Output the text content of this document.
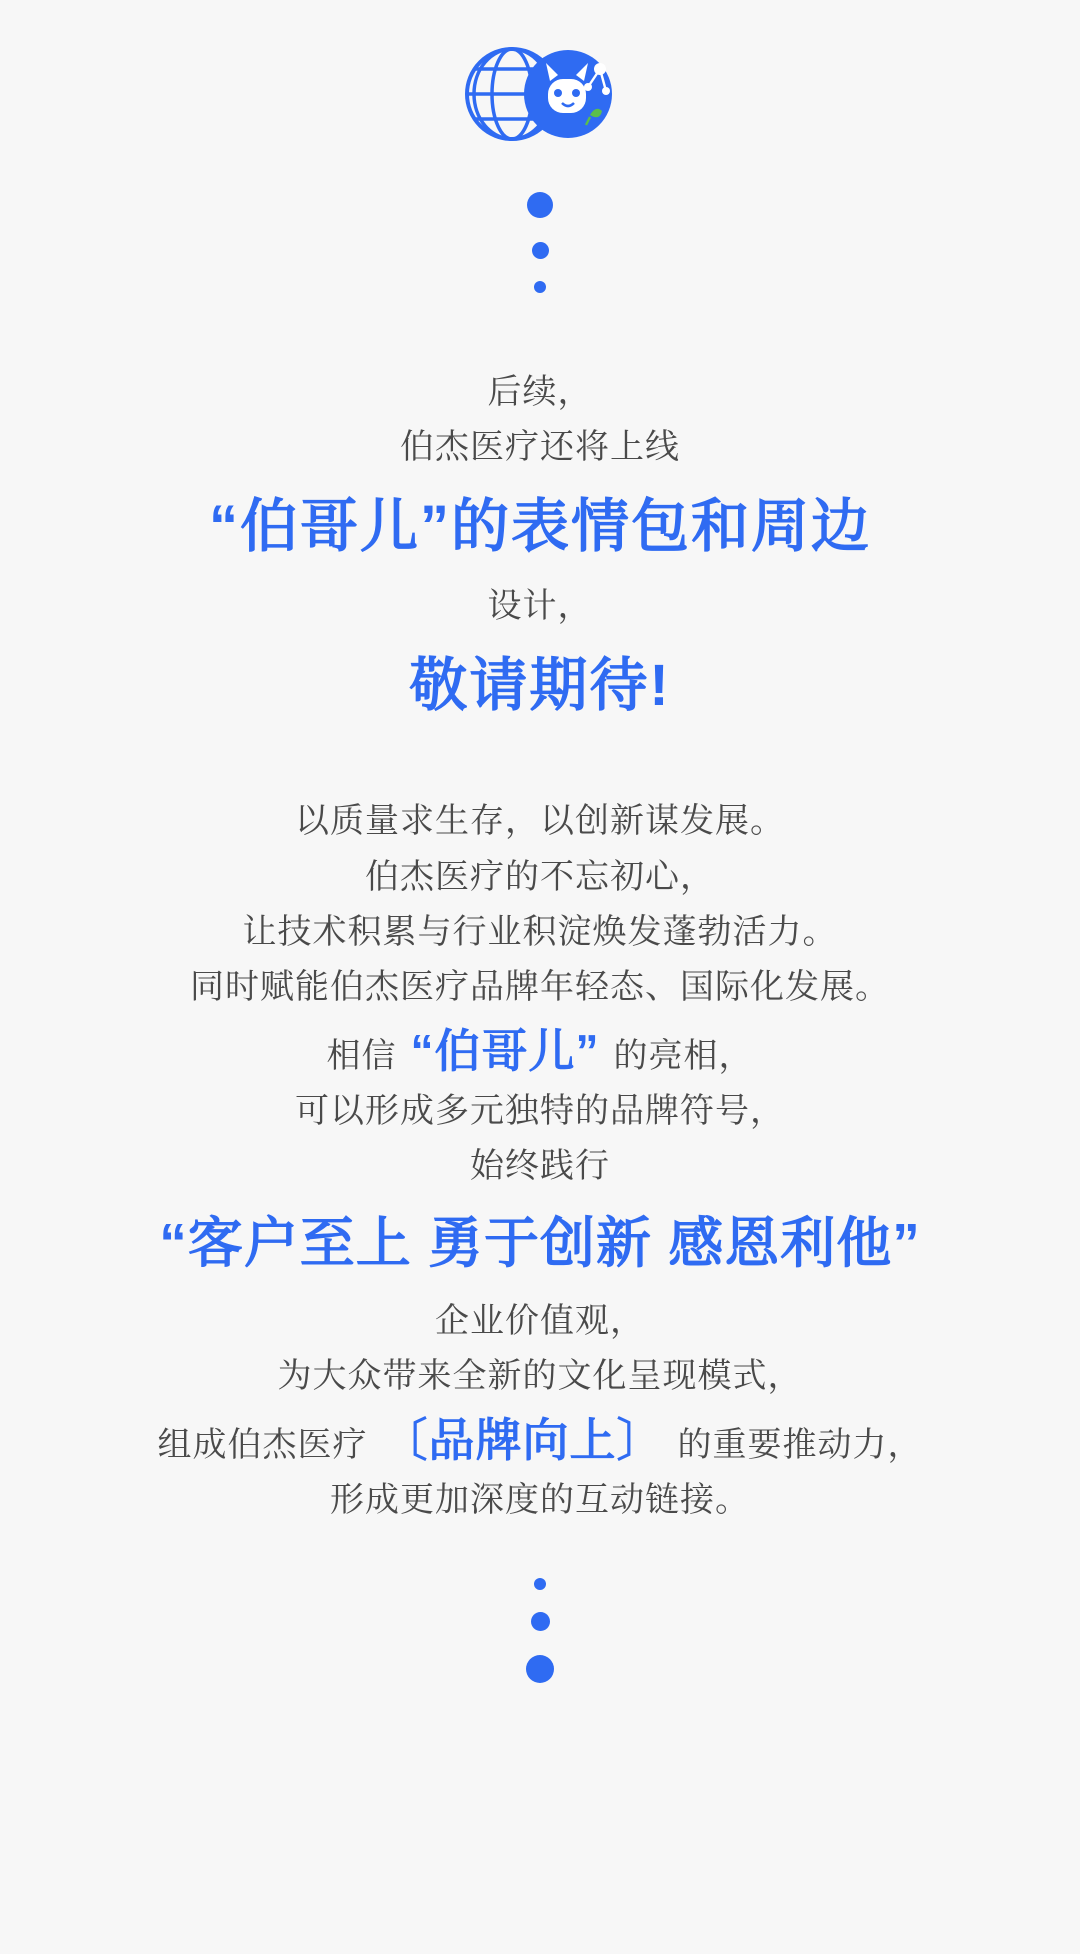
后续，
伯杰医疗还将上线
“伯哥儿”的表情包和周边
设计，
敬请期待!
以质量求生存，以创新谋发展。
伯杰医疗的不忘初心，
让技术积累与行业积淀焕发蓬勃活力。
同时赋能伯杰医疗品牌年轻态、国际化发展。
相信 “伯哥儿” 的亮相，
可以形成多元独特的品牌符号，
始终践行
“客户至上 勇于创新 感恩利他”
企业价值观，
为大众带来全新的文化呈现模式，
组成伯杰医疗 〔品牌向上〕 的重要推动力，
形成更加深度的互动链接。
